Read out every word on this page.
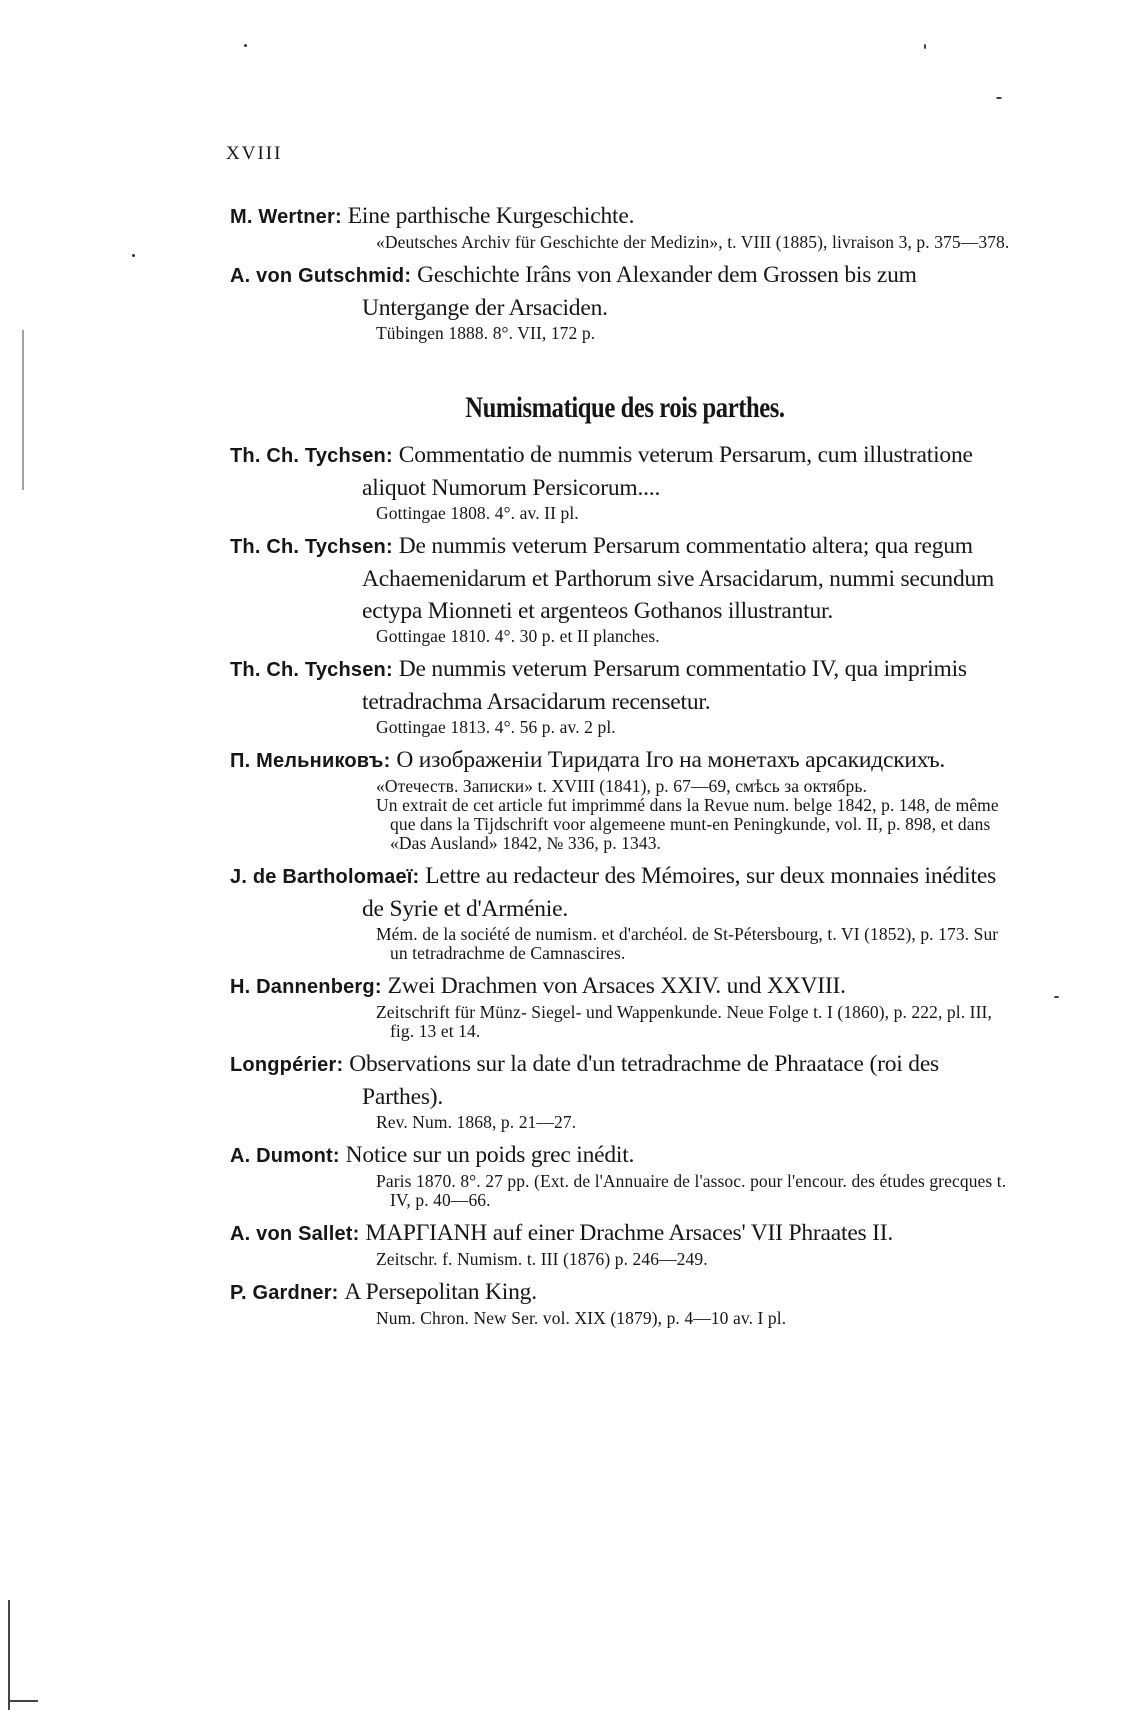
XVIII
M. Wertner: Eine parthische Kurgeschichte.
«Deutsches Archiv für Geschichte der Medizin», t. VIII (1885), livraison 3, p. 375—378.
A. von Gutschmid: Geschichte Irâns von Alexander dem Grossen bis zum Untergange der Arsaciden.
Tübingen 1888. 8°. VII, 172 p.
Numismatique des rois parthes.
Th. Ch. Tychsen: Commentatio de nummis veterum Persarum, cum illustratione aliquot Numorum Persicorum....
Gottingae 1808. 4°. av. II pl.
Th. Ch. Tychsen: De nummis veterum Persarum commentatio altera; qua regum Achaemenidarum et Parthorum sive Arsacidarum, nummi secundum ectypa Mionneti et argenteos Gothanos illustrantur.
Gottingae 1810. 4°. 30 p. et II planches.
Th. Ch. Tychsen: De nummis veterum Persarum commentatio IV, qua imprimis tetradrachma Arsacidarum recensetur.
Gottingae 1813. 4°. 56 p. av. 2 pl.
П. Мельниковъ: О изображенiи Тиридата Iго на монетахъ арсакидскихъ.
«Отечеств. Записки» t. XVIII (1841), p. 67—69, смѣсь за октябрь.
Un extrait de cet article fut imprimmé dans la Revue num. belge 1842, p. 148, de même que dans la Tijdschrift voor algemeene munt-en Peningkunde, vol. II, p. 898, et dans «Das Ausland» 1842, № 336, p. 1343.
J. de Bartholomaeï: Lettre au redacteur des Mémoires, sur deux monnaies inédites de Syrie et d'Arménie.
Mém. de la société de numism. et d'archéol. de St-Pétersbourg, t. VI (1852), p. 173. Sur un tetradrachme de Camnascires.
H. Dannenberg: Zwei Drachmen von Arsaces XXIV. und XXVIII.
Zeitschrift für Münz- Siegel- und Wappenkunde. Neue Folge t. I (1860), p. 222, pl. III, fig. 13 et 14.
Longpérier: Observations sur la date d'un tetradrachme de Phraatace (roi des Parthes).
Rev. Num. 1868, p. 21—27.
A. Dumont: Notice sur un poids grec inédit.
Paris 1870. 8°. 27 pp. (Ext. de l'Annuaire de l'assoc. pour l'encour. des études grecques t. IV, p. 40—66.
A. von Sallet: ΜΑΡΓΙΑΝΗ auf einer Drachme Arsaces' VII Phraates II.
Zeitschr. f. Numism. t. III (1876) p. 246—249.
P. Gardner: A Persepolitan King.
Num. Chron. New Ser. vol. XIX (1879), p. 4—10 av. I pl.
